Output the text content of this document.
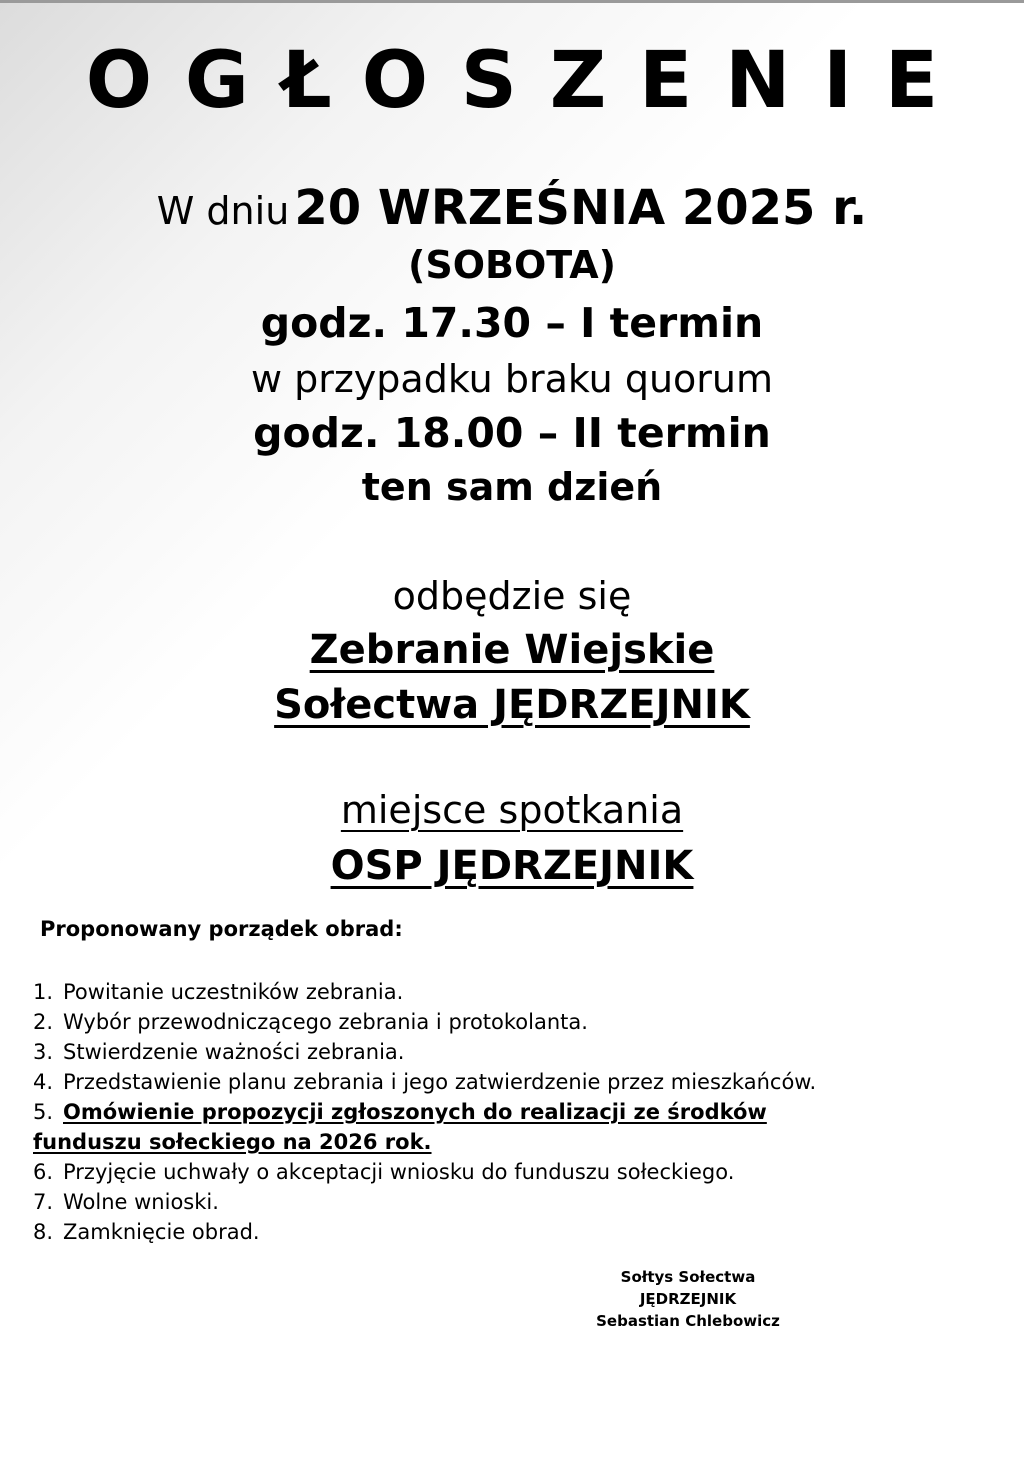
OGŁOSZENIE
W dniu 20 WRZEŚNIA 2025 r.
(SOBOTA)
godz. 17.30 – I termin
w przypadku braku quorum
godz. 18.00 – II termin
ten sam dzień
odbędzie się
Zebranie Wiejskie
Sołectwa JĘDRZEJNIK
miejsce spotkania
OSP JĘDRZEJNIK
Proponowany porządek obrad:
1. Powitanie uczestników zebrania.
2. Wybór przewodniczącego zebrania i protokolanta.
3. Stwierdzenie ważności zebrania.
4. Przedstawienie planu zebrania i jego zatwierdzenie przez mieszkańców.
5. Omówienie propozycji zgłoszonych do realizacji ze środków
funduszu sołeckiego na 2026 rok.
6. Przyjęcie uchwały o akceptacji wniosku do funduszu sołeckiego.
7. Wolne wnioski.
8. Zamknięcie obrad.
Sołtys Sołectwa
JĘDRZEJNIK
Sebastian Chlebowicz
